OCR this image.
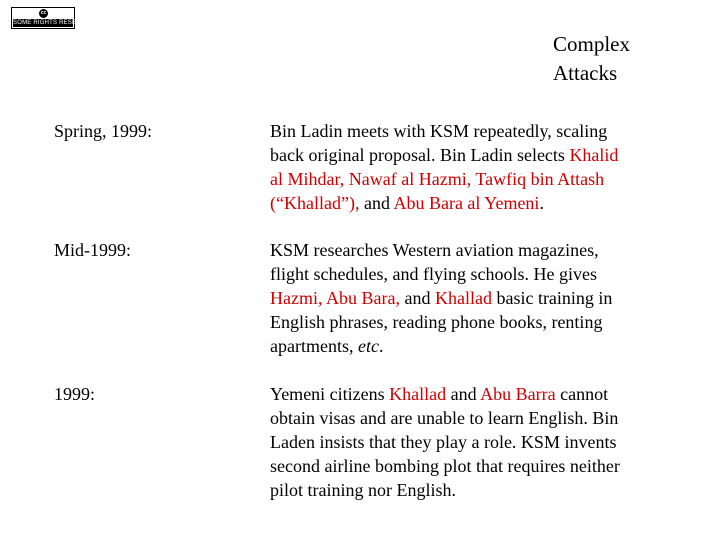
cc
SOME RIGHTS RESERVED
Complex
Attacks
Spring, 1999:	Bin Ladin meets with KSM repeatedly, scaling
back original proposal. Bin Ladin selects Khalid
al Mihdar, Nawaf al Hazmi, Tawfiq bin Attash
(“Khallad”), and Abu Bara al Yemeni.
Mid-1999:	KSM researches Western aviation magazines,
flight schedules, and flying schools. He gives
Hazmi, Abu Bara, and Khallad basic training in
English phrases, reading phone books, renting
apartments, etc.
1999:	Yemeni citizens Khallad and Abu Barra cannot
obtain visas and are unable to learn English. Bin
Laden insists that they play a role. KSM invents
second airline bombing plot that requires neither
pilot training nor English.
